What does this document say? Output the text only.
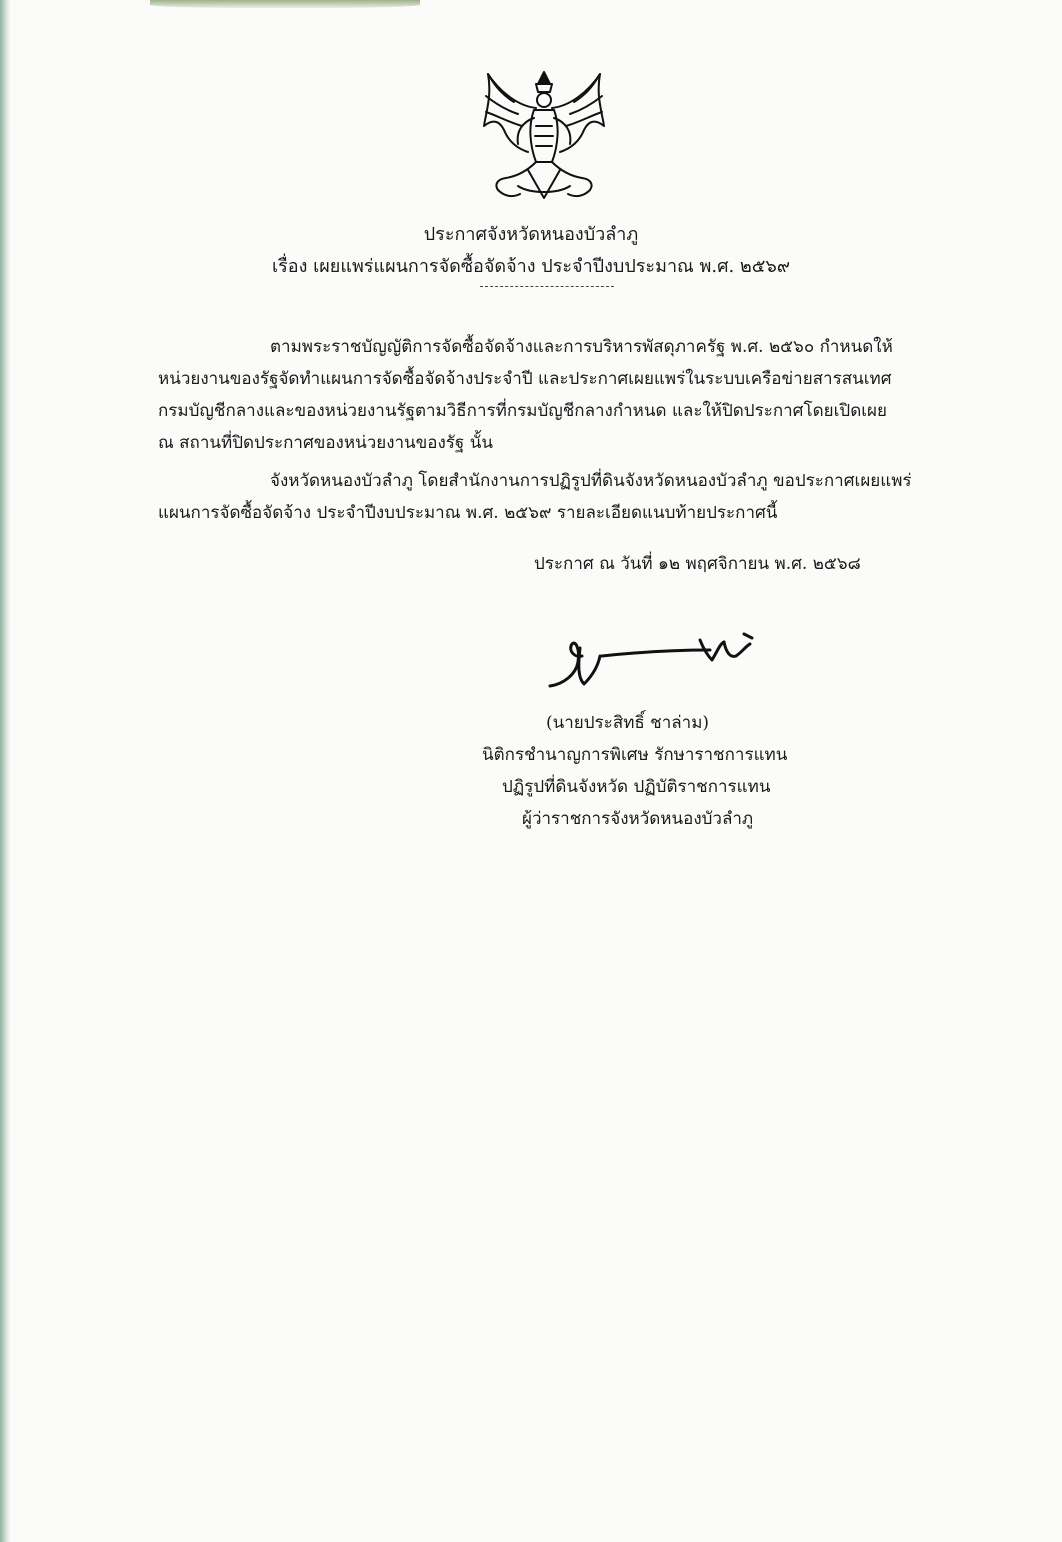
ประกาศจังหวัดหนองบัวลำภู
เรื่อง เผยแพร่แผนการจัดซื้อจัดจ้าง ประจำปีงบประมาณ พ.ศ. ๒๕๖๙
ตามพระราชบัญญัติการจัดซื้อจัดจ้างและการบริหารพัสดุภาครัฐ พ.ศ. ๒๕๖๐ กำหนดให้
หน่วยงานของรัฐจัดทำแผนการจัดซื้อจัดจ้างประจำปี และประกาศเผยแพร่ในระบบเครือข่ายสารสนเทศ
กรมบัญชีกลางและของหน่วยงานรัฐตามวิธีการที่กรมบัญชีกลางกำหนด และให้ปิดประกาศโดยเปิดเผย
ณ สถานที่ปิดประกาศของหน่วยงานของรัฐ นั้น
จังหวัดหนองบัวลำภู โดยสำนักงานการปฏิรูปที่ดินจังหวัดหนองบัวลำภู ขอประกาศเผยแพร่
แผนการจัดซื้อจัดจ้าง ประจำปีงบประมาณ พ.ศ. ๒๕๖๙ รายละเอียดแนบท้ายประกาศนี้
ประกาศ ณ วันที่ ๑๒ พฤศจิกายน พ.ศ. ๒๕๖๘
(นายประสิทธิ์ ชาล่าม)
นิติกรชำนาญการพิเศษ รักษาราชการแทน
ปฏิรูปที่ดินจังหวัด ปฏิบัติราชการแทน
ผู้ว่าราชการจังหวัดหนองบัวลำภู
